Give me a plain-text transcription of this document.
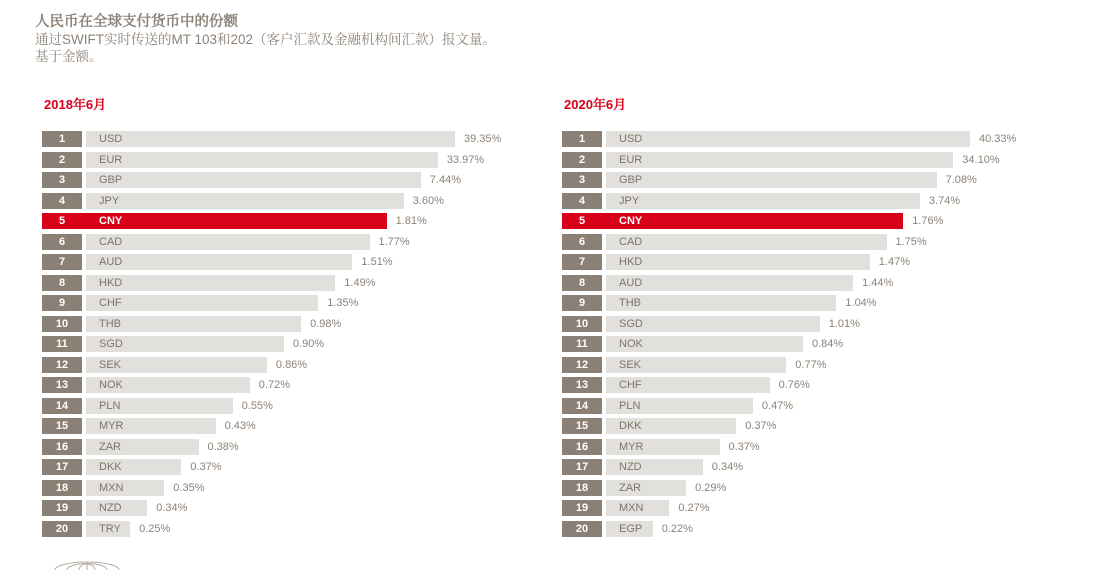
人民币在全球支付货币中的份额
通过SWIFT实时传送的MT 103和202（客户汇款及金融机构间汇款）报文量。
基于金额。
2018年6月
1	USD	39.35%
2	EUR	33.97%
3	GBP	7.44%
4	JPY	3.60%
5	CNY	1.81%
6	CAD	1.77%
7	AUD	1.51%
8	HKD	1.49%
9	CHF	1.35%
10	THB	0.98%
11	SGD	0.90%
12	SEK	0.86%
13	NOK	0.72%
14	PLN	0.55%
15	MYR	0.43%
16	ZAR	0.38%
17	DKK	0.37%
18	MXN	0.35%
19	NZD	0.34%
20	TRY	0.25%
2020年6月
1	USD	40.33%
2	EUR	34.10%
3	GBP	7.08%
4	JPY	3.74%
5	CNY	1.76%
6	CAD	1.75%
7	HKD	1.47%
8	AUD	1.44%
9	THB	1.04%
10	SGD	1.01%
11	NOK	0.84%
12	SEK	0.77%
13	CHF	0.76%
14	PLN	0.47%
15	DKK	0.37%
16	MYR	0.37%
17	NZD	0.34%
18	ZAR	0.29%
19	MXN	0.27%
20	EGP	0.22%
